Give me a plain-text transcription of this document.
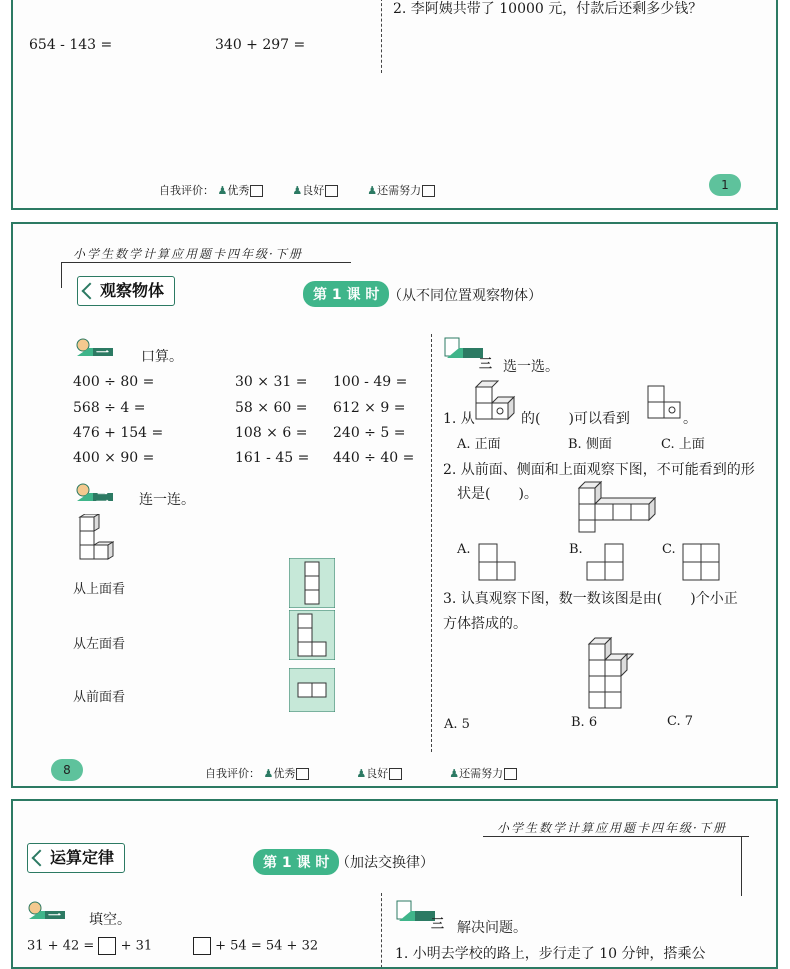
2. 李阿姨共带了 10000 元，付款后还剩多少钱？
654 - 143 =	340 + 297 =
自我评价： ♟优秀	♟良好	♟还需努力	1
小学生数学计算应用题卡四年级·下册
观察物体	第 1 课 时 （从不同位置观察物体）
一 口算。
400 ÷ 80 =	30 × 31 = 100 - 49 =
568 ÷ 4 =	58 × 60 = 612 × 9 =
476 + 154 =	108 × 6 = 240 ÷ 5 =
400 × 90 =	161 - 45 = 440 ÷ 40 =
二 连一连。
从上面看
从左面看
从前面看
三 选一选。
1. 从	的(　　)可以看到	。
A. 正面	B. 侧面	C. 上面
2. 从前面、侧面和上面观察下图，不可能看到的形
状是(　　)。
A.	B.	C.
3. 认真观察下图，数一数该图是由(　　)个小正
方体搭成的。
A. 5	B. 6	C. 7
8	自我评价： ♟优秀	♟良好	♟还需努力
小学生数学计算应用题卡四年级·下册
运算定律	第 1 课 时 （加法交换律）
一 填空。
31 + 42 = + 31	+ 54 = 54 + 32
三 解决问题。
1. 小明去学校的路上，步行走了 10 分钟，搭乘公
